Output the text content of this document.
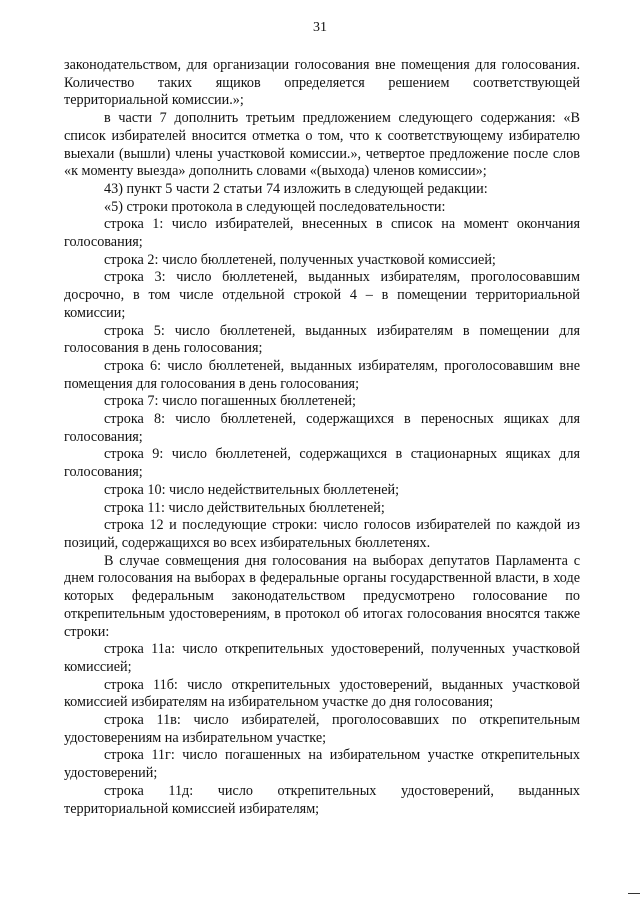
31

законодательством, для организации голосования вне помещения для голосования. Количество таких ящиков определяется решением соответствующей территориальной комиссии.»;

в части 7 дополнить третьим предложением следующего содержания: «В список избирателей вносится отметка о том, что к соответствующему избирателю выехали (вышли) члены участковой комиссии.», четвертое предложение после слов «к моменту выезда» дополнить словами «(выхода) членов комиссии»;

43) пункт 5 части 2 статьи 74 изложить в следующей редакции:

«5) строки протокола в следующей последовательности:

строка 1: число избирателей, внесенных в список на момент окончания голосования;

строка 2: число бюллетеней, полученных участковой комиссией;

строка 3: число бюллетеней, выданных избирателям, проголосовавшим досрочно, в том числе отдельной строкой 4 – в помещении территориальной комиссии;

строка 5: число бюллетеней, выданных избирателям в помещении для голосования в день голосования;

строка 6: число бюллетеней, выданных избирателям, проголосовавшим вне помещения для голосования в день голосования;

строка 7: число погашенных бюллетеней;

строка 8: число бюллетеней, содержащихся в переносных ящиках для голосования;

строка 9: число бюллетеней, содержащихся в стационарных ящиках для голосования;

строка 10: число недействительных бюллетеней;

строка 11: число действительных бюллетеней;

строка 12 и последующие строки: число голосов избирателей по каждой из позиций, содержащихся во всех избирательных бюллетенях.

В случае совмещения дня голосования на выборах депутатов Парламента с днем голосования на выборах в федеральные органы государственной власти, в ходе которых федеральным законодательством предусмотрено голосование по открепительным удостоверениям, в протокол об итогах голосования вносятся также строки:

строка 11а: число открепительных удостоверений, полученных участковой комиссией;

строка 11б: число открепительных удостоверений, выданных участковой комиссией избирателям на избирательном участке до дня голосования;

строка 11в: число избирателей, проголосовавших по открепительным удостоверениям на избирательном участке;

строка 11г: число погашенных на избирательном участке открепительных удостоверений;

строка 11д: число открепительных удостоверений, выданных территориальной комиссией избирателям;
